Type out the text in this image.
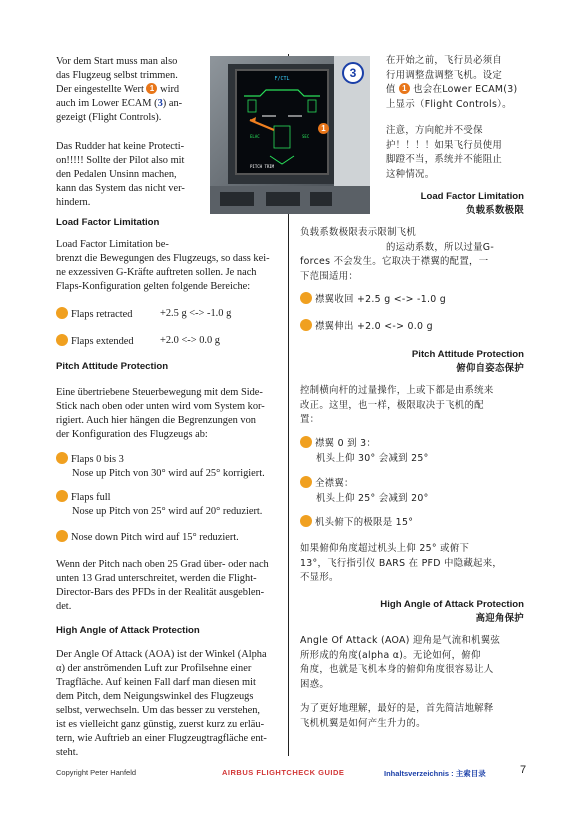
F/CTL
ELAC	SEC
PITCH TRIM
1
3
Vor dem Start muss man also
das Flugzeug selbst trimmen.
Der eingestellte Wert 1 wird
auch im Lower ECAM (3) an-
gezeigt (Flight Controls).
Das Rudder hat keine Protecti-
on!!!!! Sollte der Pilot also mit
den Pedalen Unsinn machen,
kann das System das nicht ver-
hindern.
Load Factor Limitation
Load Factor Limitation be-
brenzt die Bewegungen des Flugzeugs, so dass kei-
ne exzessiven G-Kräfte auftreten sollen. Je nach
Flaps-Konfiguration gelten folgende Bereiche:
Flaps retracted	+2.5 g <-> -1.0 g
Flaps extended	+2.0 <-> 0.0 g
Pitch Attitude Protection
Eine übertriebene Steuerbewegung mit dem Side-
Stick nach oben oder unten wird vom System kor-
rigiert. Auch hier hängen die Begrenzungen von
der Konfiguration des Flugzeugs ab:
Flaps 0 bis 3
Nose up Pitch von 30° wird auf 25° korrigiert.
Flaps full
Nose up Pitch von 25° wird auf 20° reduziert.
Nose down Pitch wird auf 15° reduziert.
Wenn der Pitch nach oben 25 Grad über- oder nach
unten 13 Grad unterschreitet, werden die Flight-
Director-Bars des PFDs in der Realität ausgeblen-
det.
High Angle of Attack Protection
Der Angle Of Attack (AOA) ist der Winkel (Alpha
α) der anströmenden Luft zur Profilsehne einer
Tragfläche. Auf keinen Fall darf man diesen mit
dem Pitch, dem Neigungswinkel des Flugzeugs
selbst, verwechseln. Um das besser zu verstehen,
ist es vielleicht ganz günstig, zuerst kurz zu erläu-
tern, wie Auftrieb an einer Flugzeugtragfläche ent-
steht.
在开始之前，飞行员必须自
行用调整盘调整飞机。设定
值 1 也会在Lower ECAM(3)
上显示（Flight Controls）。
注意，方向舵并不受保
护！！！！如果飞行员使用
脚蹬不当，系统并不能阻止
这种情况。
Load Factor Limitation
负载系数极限
负载系数极限表示限制飞机
的运动系数，所以过量G-
forces 不会发生。它取决于襟翼的配置，一
下范围适用：
襟翼收回 +2.5 g <-> -1.0 g
襟翼伸出 +2.0 <-> 0.0 g
Pitch Attitude Protection
俯仰自姿态保护
控制横向杆的过量操作，上或下都是由系统来
改正。这里，也一样，极限取决于飞机的配
置：
襟翼 0 到 3：
机头上仰 30° 会减到 25°
全襟翼：
机头上仰 25° 会减到 20°
机头俯下的极限是 15°
如果俯仰角度超过机头上仰 25° 或俯下
13°，飞行指引仪 BARS 在 PFD 中隐藏起来，
不显形。
High Angle of Attack Protection
高迎角保护
Angle Of Attack (AOA) 迎角是气流和机翼弦
所形成的角度(alpha α)。无论如何，俯仰
角度，也就是飞机本身的俯仰角度很容易让人
困惑。
为了更好地理解，最好的是，首先简洁地解释
飞机机翼是如何产生升力的。
Copyright Peter Hanfeld	AIRBUS FLIGHTCHECK GUIDE	Inhaltsverzeichnis : 主索目录	7
